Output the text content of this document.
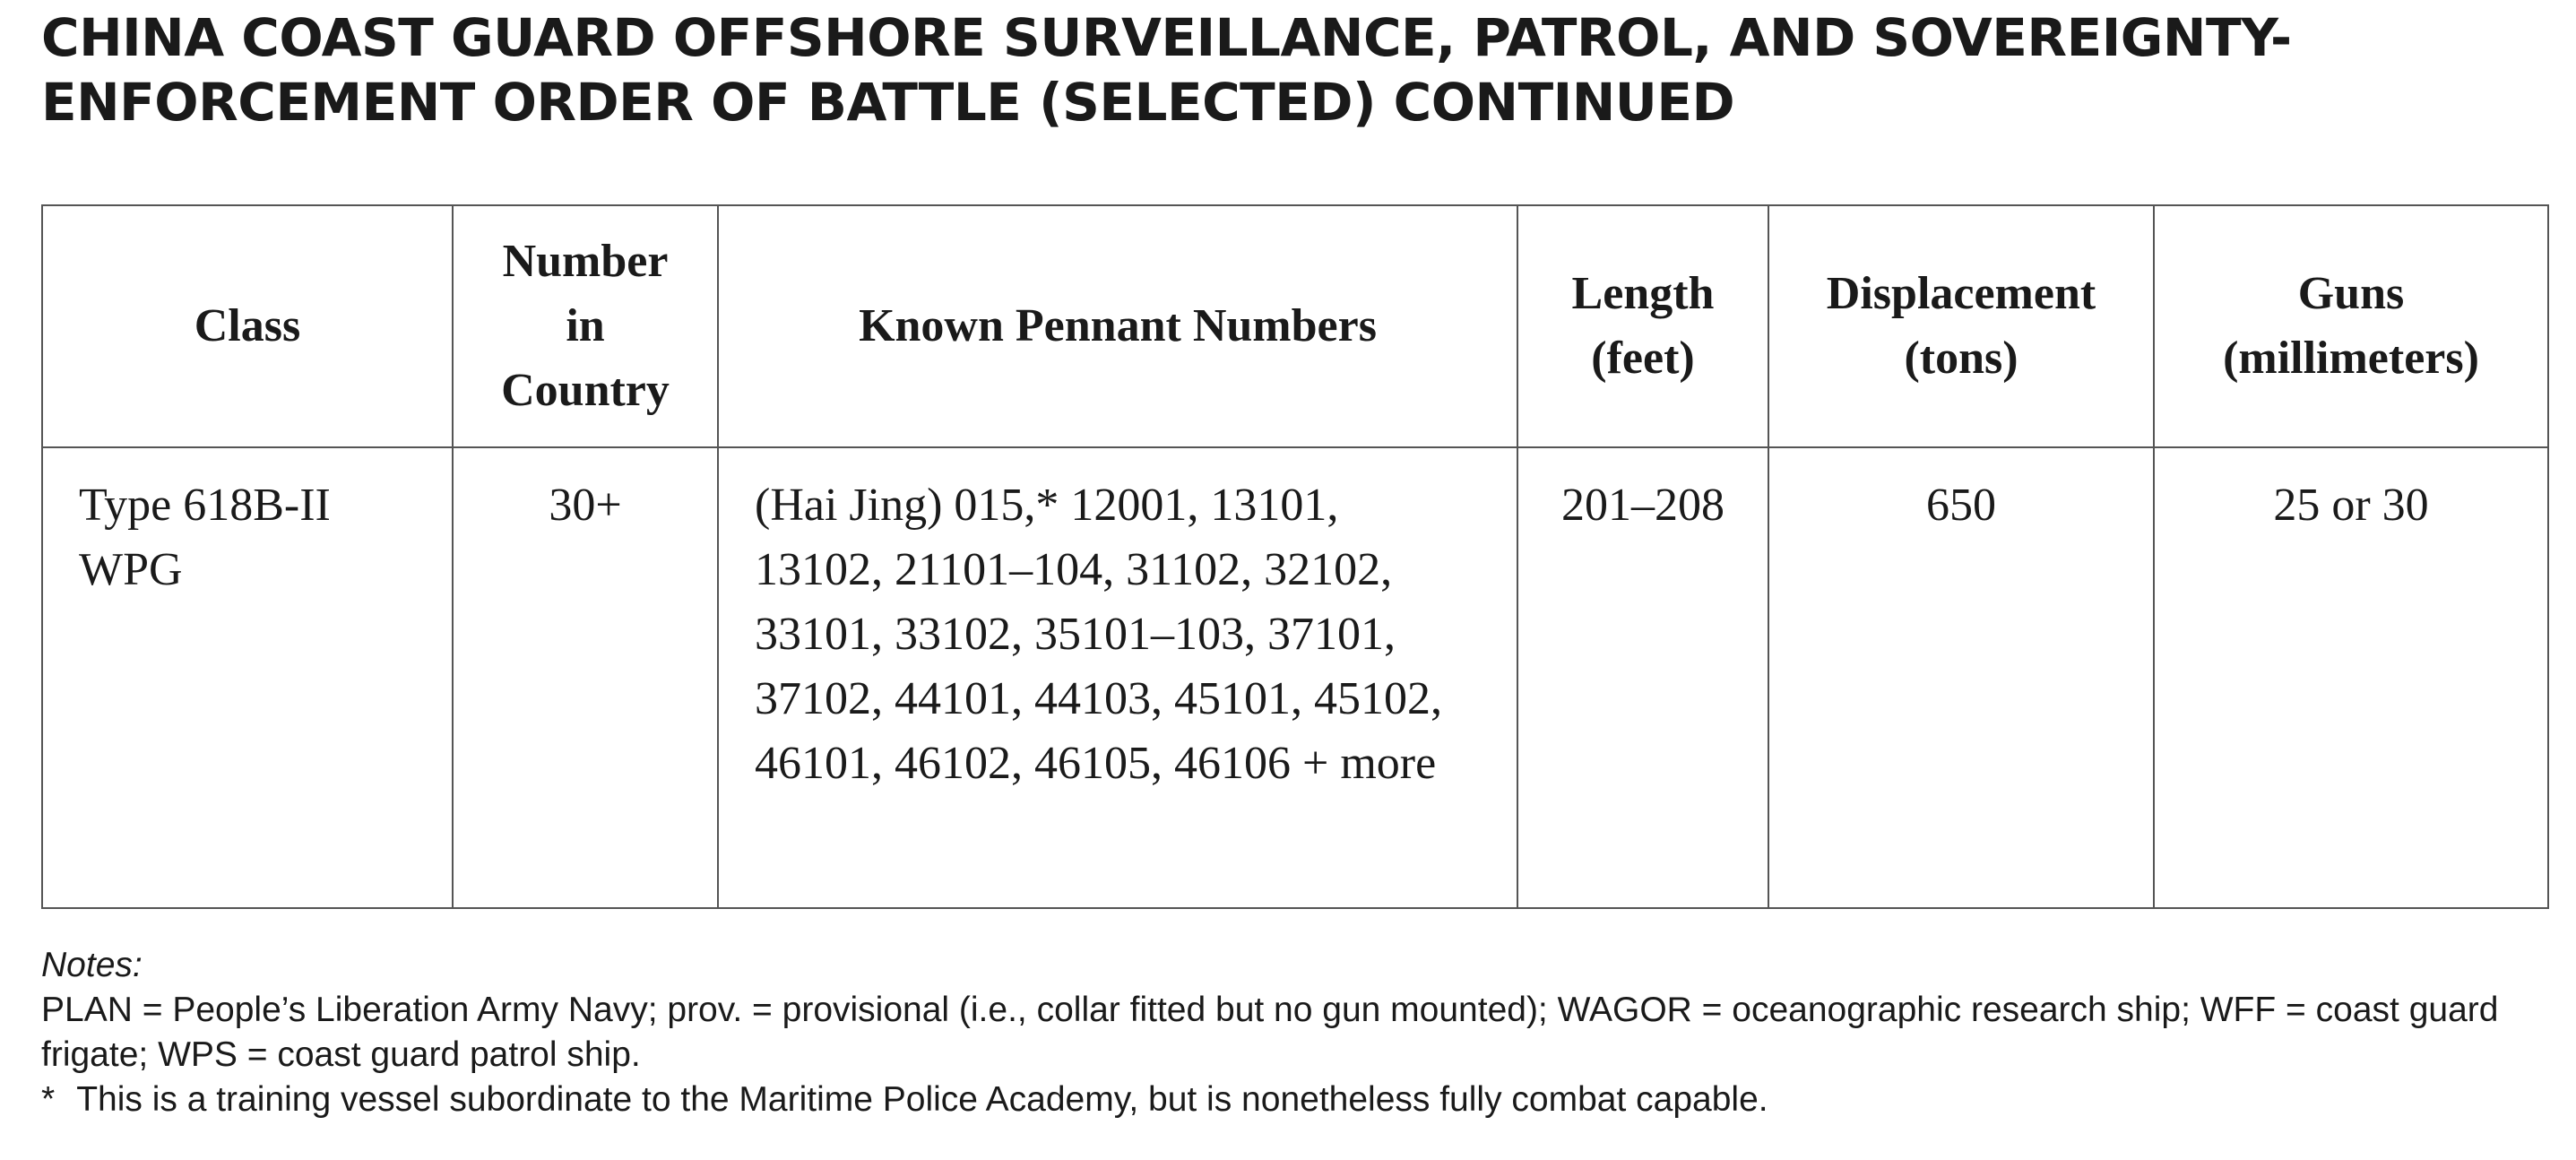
CHINA COAST GUARD OFFSHORE SURVEILLANCE, PATROL, AND SOVEREIGNTY-ENFORCEMENT ORDER OF BATTLE (SELECTED) CONTINUED
Class	Number in Country	Known Pennant Numbers	Length (feet)	Displacement (tons)	Guns (millimeters)
Type 618B-II WPG	30+	(Hai Jing) 015,* 12001, 13101, 13102, 21101–104, 31102, 32102, 33101, 33102, 35101–103, 37101, 37102, 44101, 44103, 45101, 45102, 46101, 46102, 46105, 46106 + more	201–208	650	25 or 30

Notes:

PLAN = People’s Liberation Army Navy; prov. = provisional (i.e., collar fitted but no gun mounted); WAGOR = oceanographic research ship; WFF = coast guard frigate; WPS = coast guard patrol ship.

* This is a training vessel subordinate to the Maritime Police Academy, but is nonetheless fully combat capable.
